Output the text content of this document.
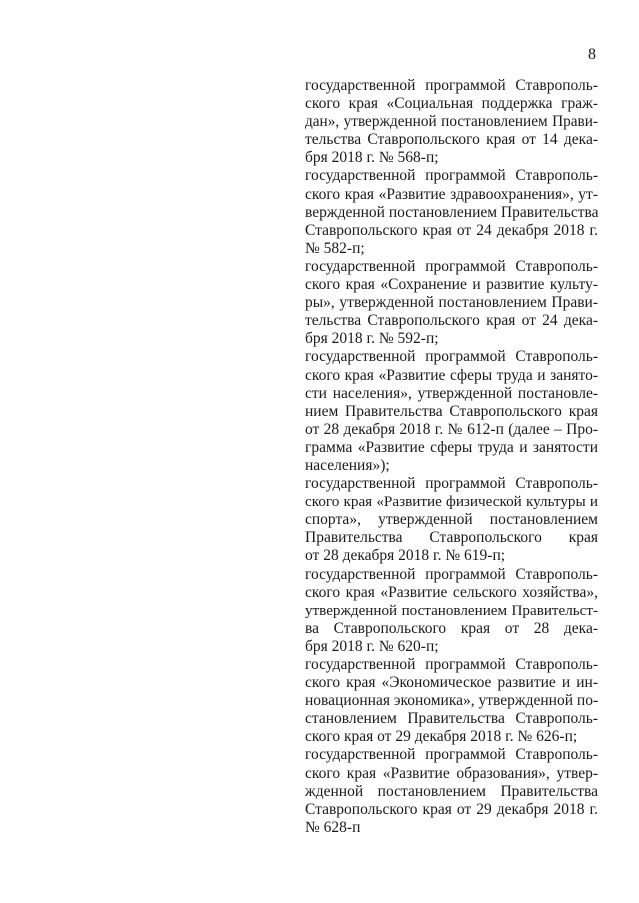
8
государственной программой Ставрополь-
ского края «Социальная поддержка граж-
дан», утвержденной постановлением Прави-
тельства Ставропольского края от 14 дека-
бря 2018 г. № 568-п;
государственной программой Ставрополь-
ского края «Развитие здравоохранения», ут-
вержденной постановлением Правительства
Ставропольского края от 24 декабря 2018 г.
№ 582-п;
государственной программой Ставрополь-
ского края «Сохранение и развитие культу-
ры», утвержденной постановлением Прави-
тельства Ставропольского края от 24 дека-
бря 2018 г. № 592-п;
государственной программой Ставрополь-
ского края «Развитие сферы труда и занято-
сти населения», утвержденной постановле-
нием Правительства Ставропольского края
от 28 декабря 2018 г. № 612-п (далее – Про-
грамма «Развитие сферы труда и занятости
населения»);
государственной программой Ставрополь-
ского края «Развитие физической культуры и
спорта», утвержденной постановлением
Правительства Ставропольского края
от 28 декабря 2018 г. № 619-п;
государственной программой Ставрополь-
ского края «Развитие сельского хозяйства»,
утвержденной постановлением Правительст-
ва Ставропольского края от 28 дека-
бря 2018 г. № 620-п;
государственной программой Ставрополь-
ского края «Экономическое развитие и ин-
новационная экономика», утвержденной по-
становлением Правительства Ставрополь-
ского края от 29 декабря 2018 г. № 626-п;
государственной программой Ставрополь-
ского края «Развитие образования», утвер-
жденной постановлением Правительства
Ставропольского края от 29 декабря 2018 г.
№ 628-п
